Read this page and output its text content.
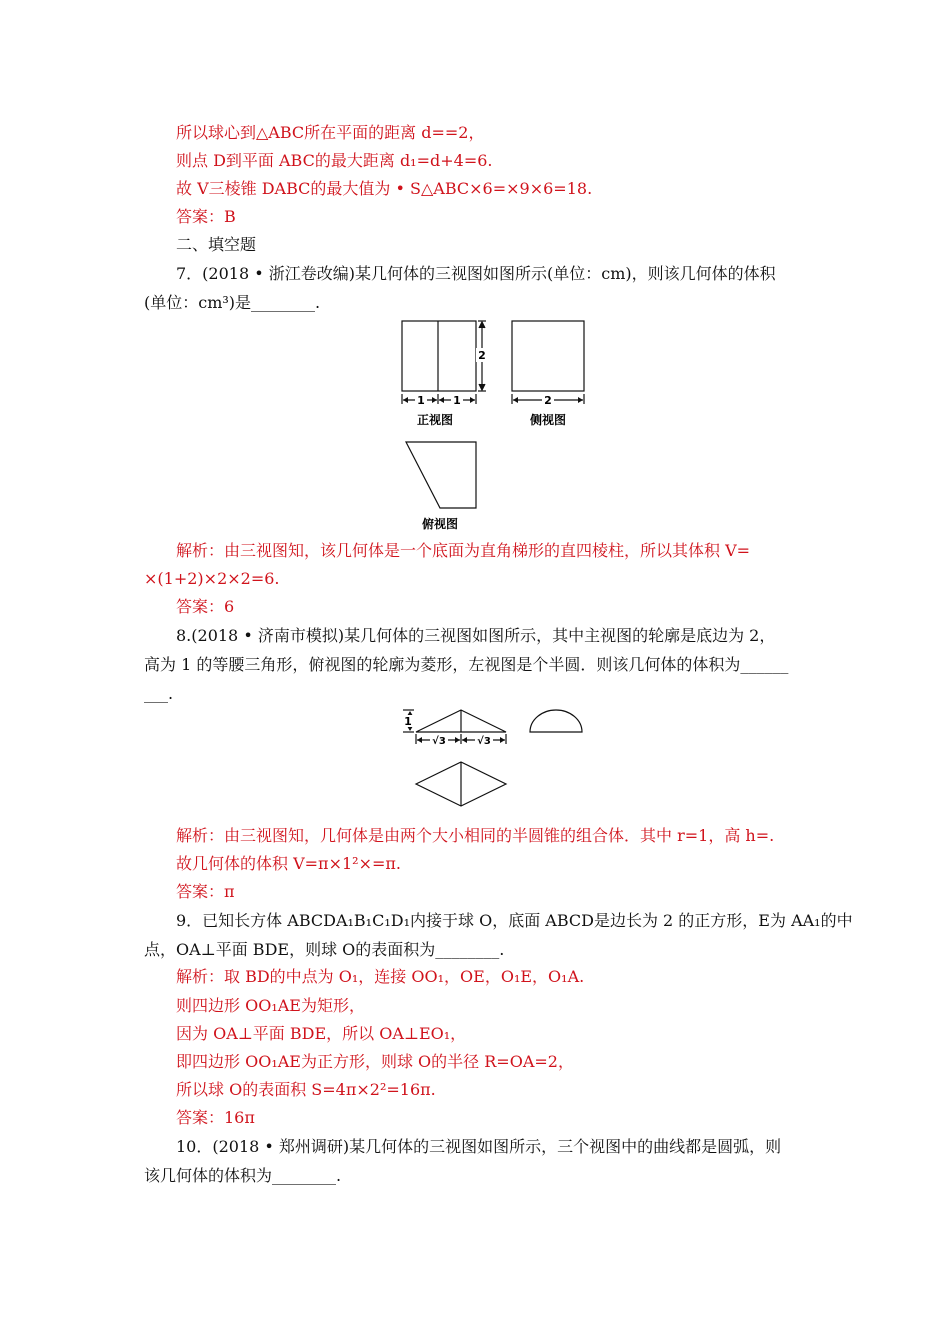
所以球心到△ABC所在平面的距离 d==2，
则点 D到平面 ABC的最大距离 d₁=d+4=6.
故 V三棱锥 DABC的最大值为 • S△ABC×6=×9×6=18.
答案：B
二、填空题
7．(2018 • 浙江卷改编)某几何体的三视图如图所示(单位：cm)，则该几何体的体积
(单位：cm³)是________.
1	1
2
2
正视图	侧视图
俯视图
解析：由三视图知，该几何体是一个底面为直角梯形的直四棱柱，所以其体积 V=
×(1+2)×2×2=6.
答案：6
8.(2018 • 济南市模拟)某几何体的三视图如图所示，其中主视图的轮廓是底边为 2，
高为 1 的等腰三角形，俯视图的轮廓为菱形，左视图是个半圆．则该几何体的体积为______
___.
1
√3	√3
解析：由三视图知，几何体是由两个大小相同的半圆锥的组合体．其中 r=1，高 h=.
故几何体的体积 V=π×1²×=π.
答案：π
9．已知长方体 ABCDA₁B₁C₁D₁内接于球 O，底面 ABCD是边长为 2 的正方形，E为 AA₁的中
点，OA⊥平面 BDE，则球 O的表面积为________.
解析：取 BD的中点为 O₁，连接 OO₁，OE，O₁E，O₁A.
则四边形 OO₁AE为矩形，
因为 OA⊥平面 BDE，所以 OA⊥EO₁，
即四边形 OO₁AE为正方形，则球 O的半径 R=OA=2，
所以球 O的表面积 S=4π×2²=16π.
答案：16π
10．(2018 • 郑州调研)某几何体的三视图如图所示，三个视图中的曲线都是圆弧，则
该几何体的体积为________.
